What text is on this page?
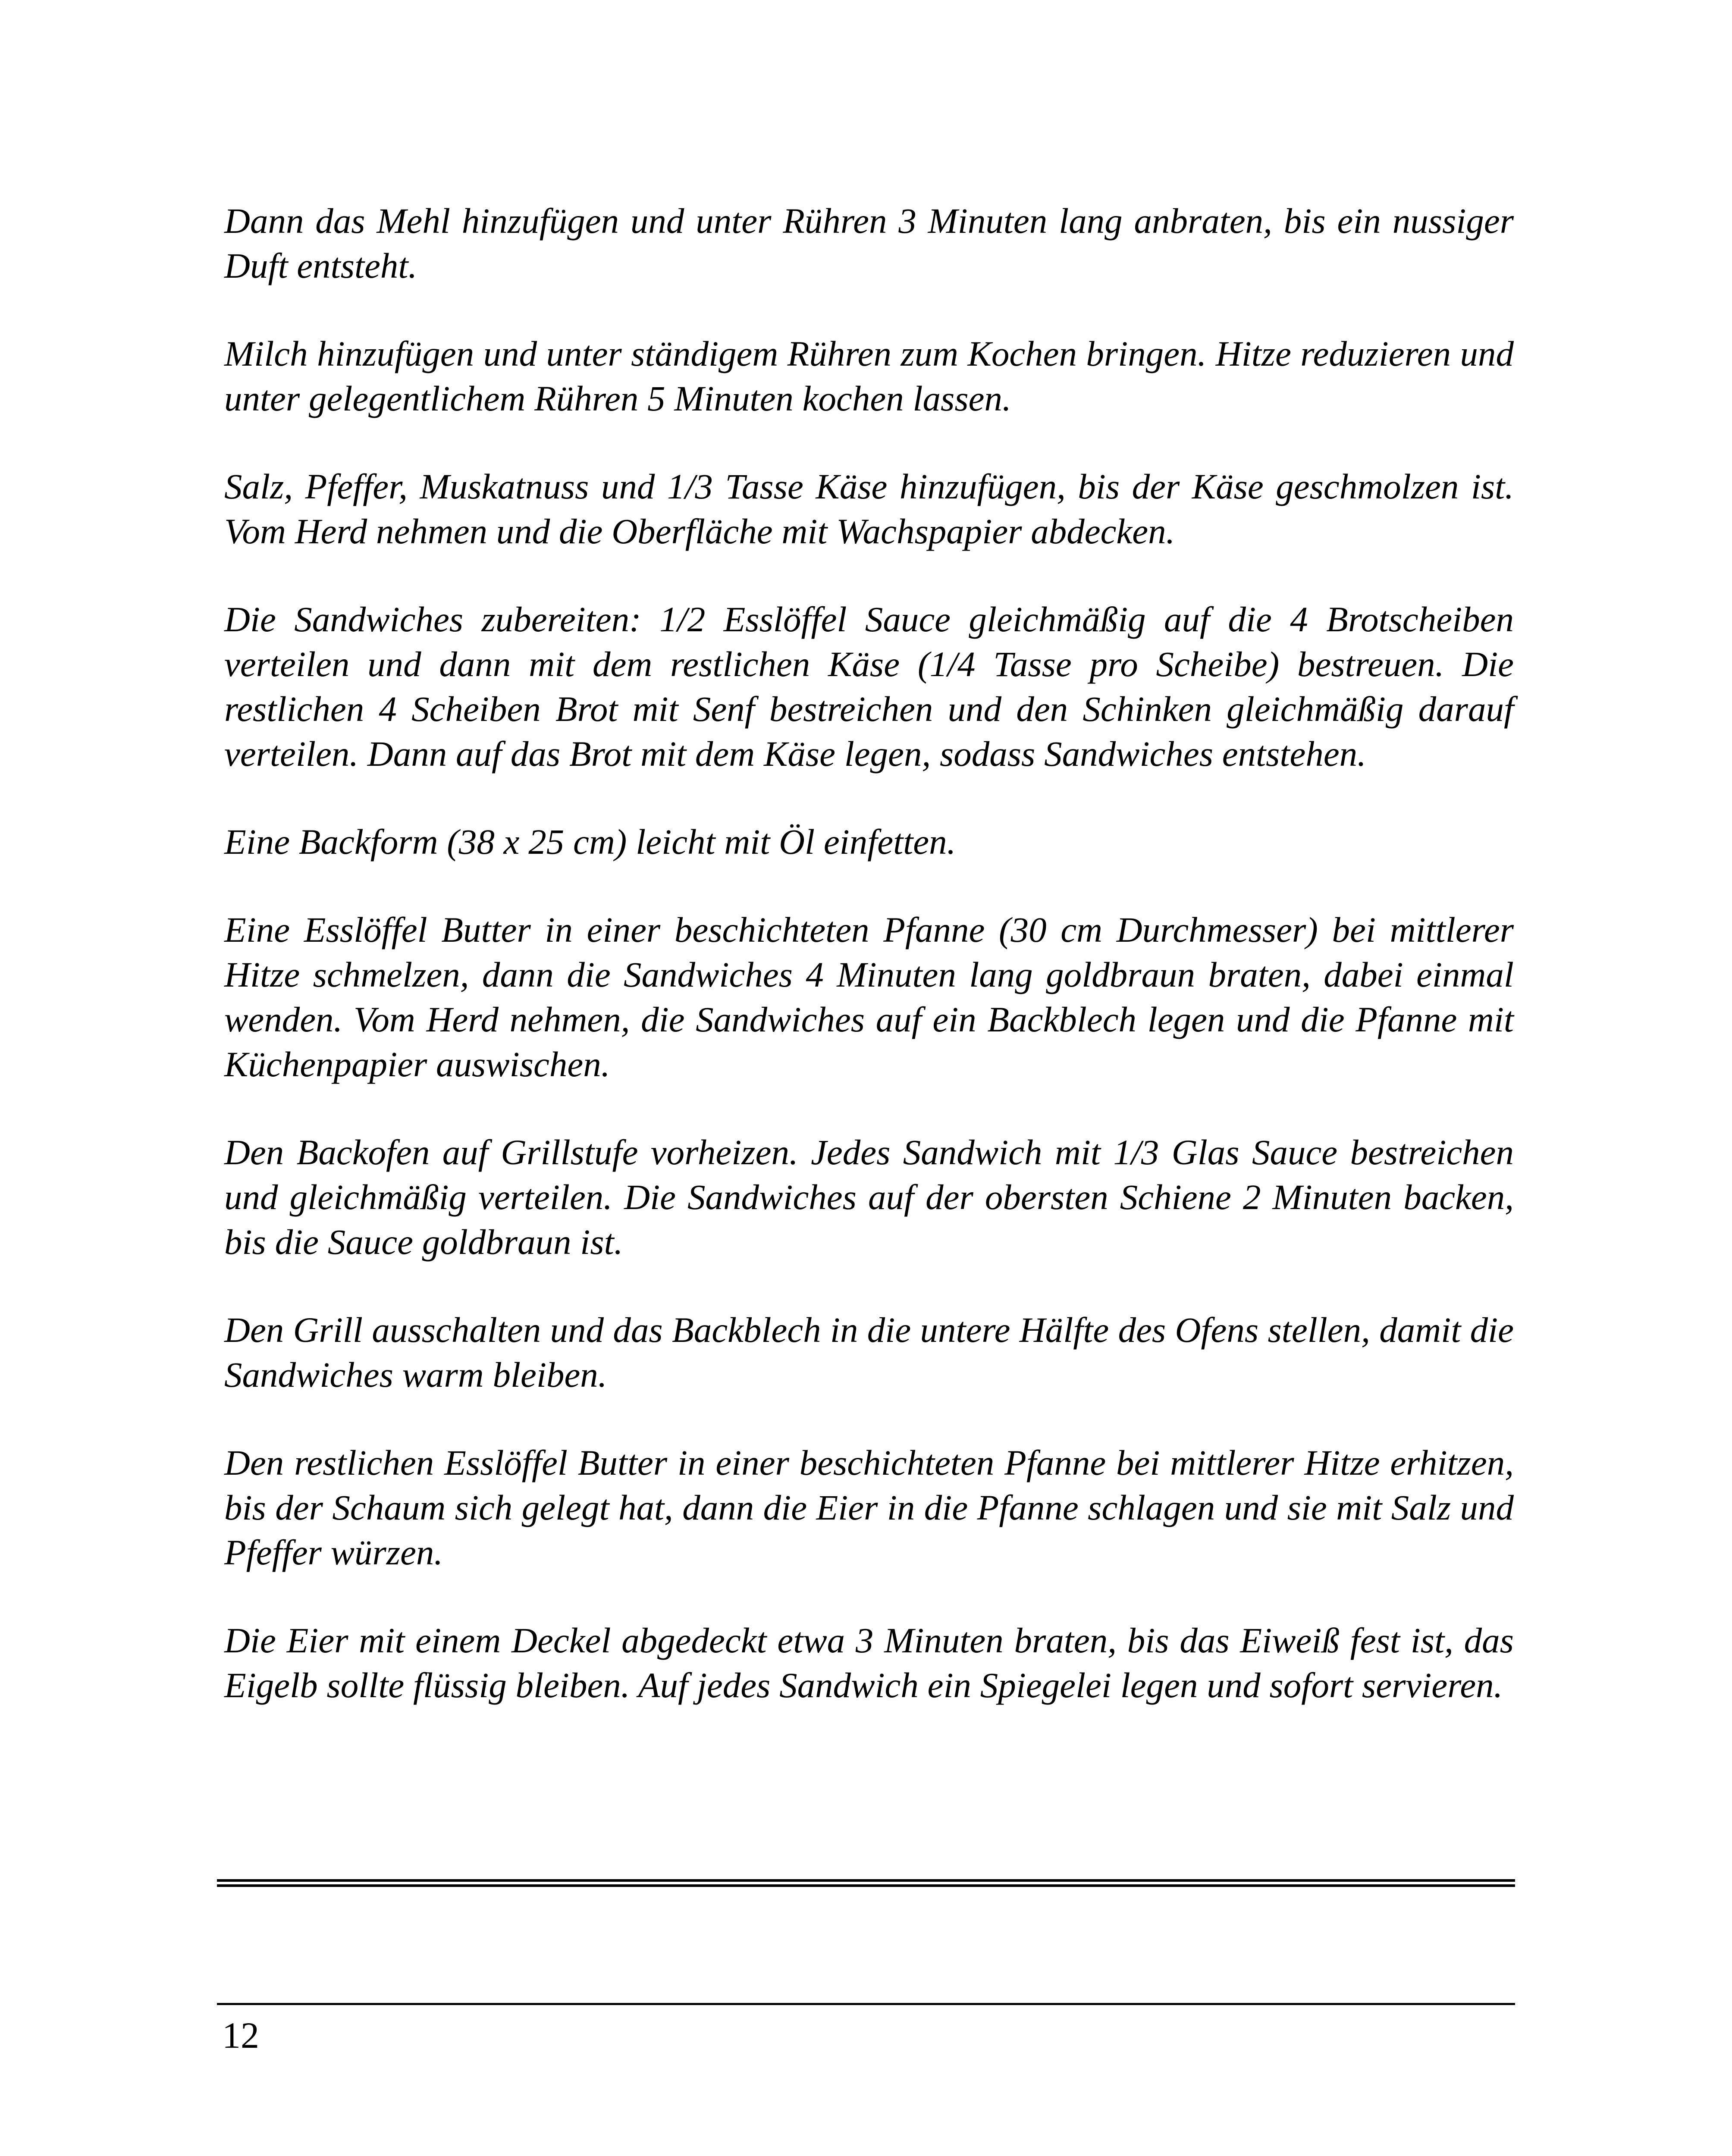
Dann das Mehl hinzufügen und unter Rühren 3 Minuten lang anbraten, bis ein nussiger Duft entsteht.

Milch hinzufügen und unter ständigem Rühren zum Kochen bringen. Hitze reduzieren und unter gelegentlichem Rühren 5 Minuten kochen lassen.

Salz, Pfeffer, Muskatnuss und 1/3 Tasse Käse hinzufügen, bis der Käse geschmolzen ist. Vom Herd nehmen und die Oberfläche mit Wachspapier abdecken.

Die Sandwiches zubereiten: 1/2 Esslöffel Sauce gleichmäßig auf die 4 Brotscheiben verteilen und dann mit dem restlichen Käse (1/4 Tasse pro Scheibe) bestreuen. Die restlichen 4 Scheiben Brot mit Senf bestreichen und den Schinken gleichmäßig darauf verteilen. Dann auf das Brot mit dem Käse legen, sodass Sandwiches entstehen.

Eine Backform (38 x 25 cm) leicht mit Öl einfetten.

Eine Esslöffel Butter in einer beschichteten Pfanne (30 cm Durchmesser) bei mittlerer Hitze schmelzen, dann die Sandwiches 4 Minuten lang goldbraun braten, dabei einmal wenden. Vom Herd nehmen, die Sandwiches auf ein Backblech legen und die Pfanne mit Küchenpapier auswischen.

Den Backofen auf Grillstufe vorheizen. Jedes Sandwich mit 1/3 Glas Sauce bestreichen und gleichmäßig verteilen. Die Sandwiches auf der obersten Schiene 2 Minuten backen, bis die Sauce goldbraun ist.

Den Grill ausschalten und das Backblech in die untere Hälfte des Ofens stellen, damit die Sandwiches warm bleiben.

Den restlichen Esslöffel Butter in einer beschichteten Pfanne bei mittlerer Hitze erhitzen, bis der Schaum sich gelegt hat, dann die Eier in die Pfanne schlagen und sie mit Salz und Pfeffer würzen.

Die Eier mit einem Deckel abgedeckt etwa 3 Minuten braten, bis das Eiweiß fest ist, das Eigelb sollte flüssig bleiben. Auf jedes Sandwich ein Spiegelei legen und sofort servieren.

12
